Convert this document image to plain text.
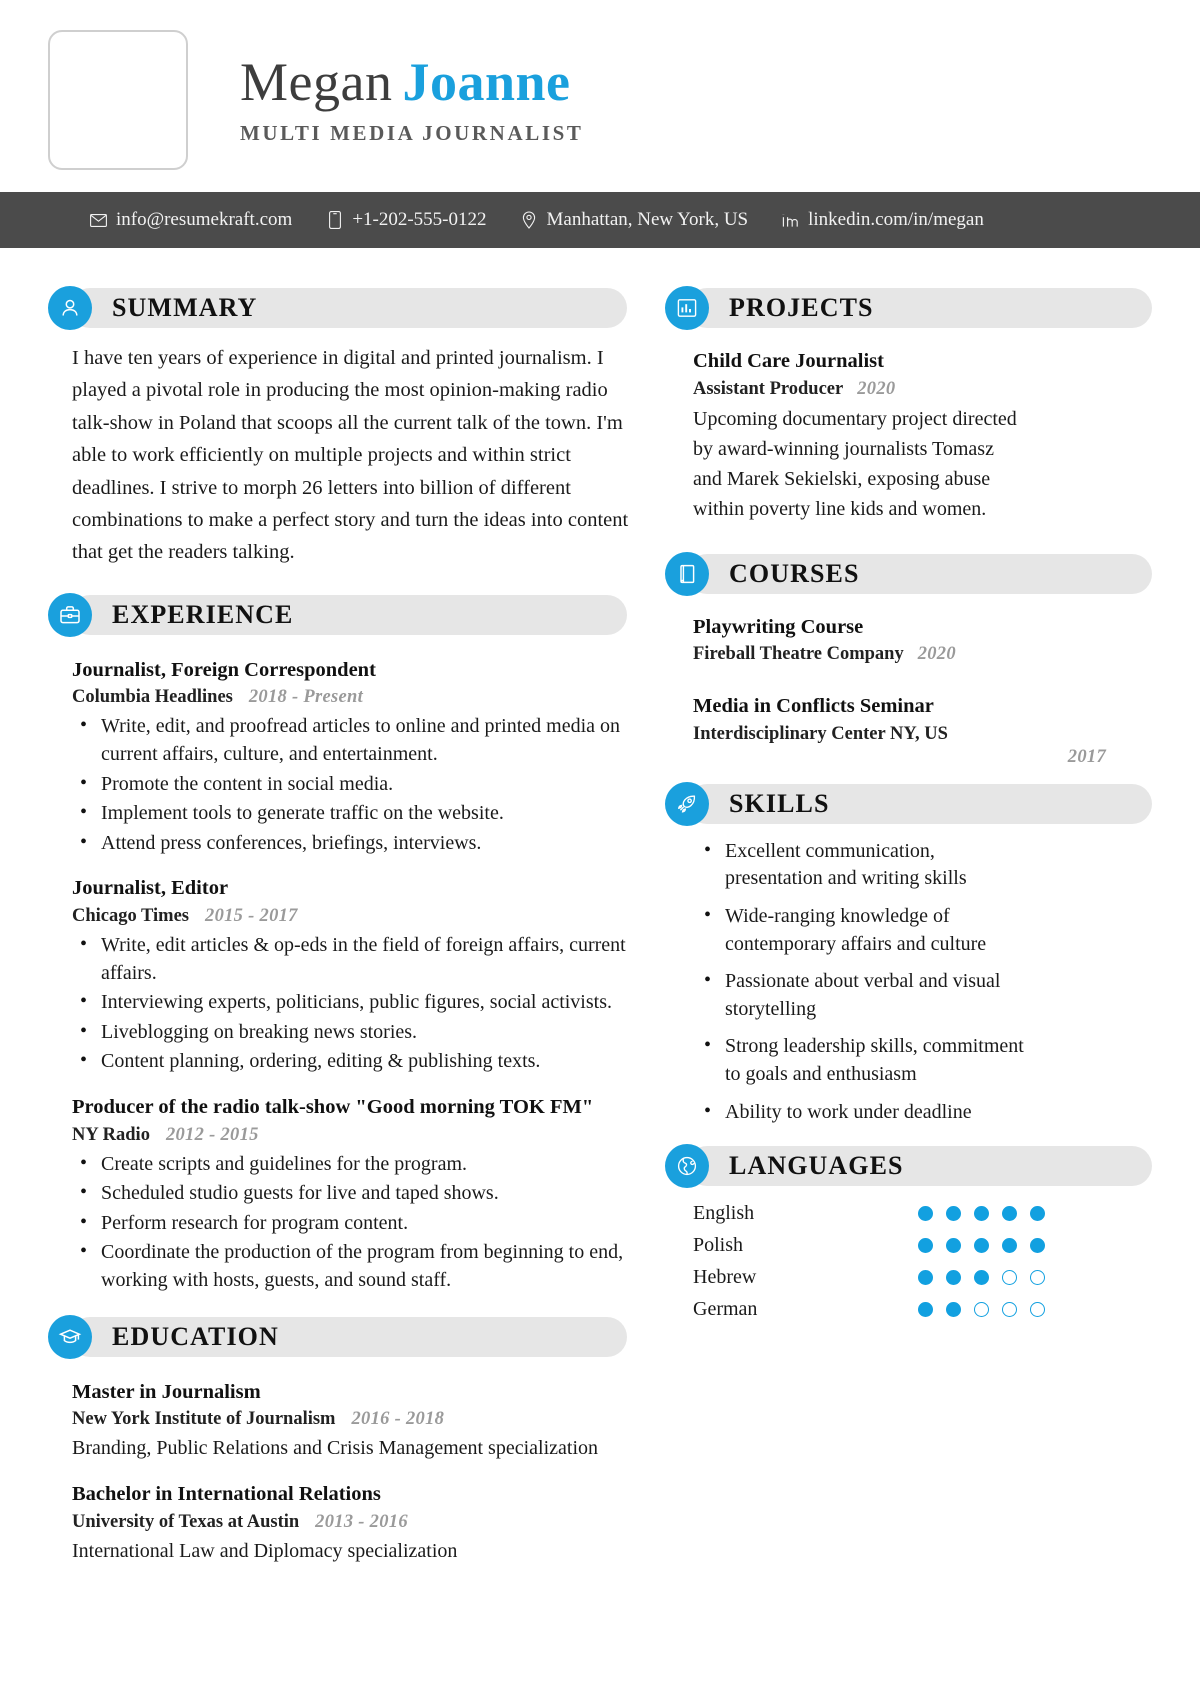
Megan Joanne
MULTI MEDIA JOURNALIST
info@resumekraft.com	+1-202-555-0122	Manhattan, New York, US	linkedin.com/in/megan
SUMMARY
I have ten years of experience in digital and printed journalism. I played a pivotal role in producing the most opinion-making radio talk-show in Poland that scoops all the current talk of the town. I'm able to work efficiently on multiple projects and within strict deadlines. I strive to morph 26 letters into billion of different combinations to make a perfect story and turn the ideas into content that get the readers talking.
EXPERIENCE
Journalist, Foreign Correspondent
Columbia Headlines 2018 - Present
• Write, edit, and proofread articles to online and printed media on current affairs, culture, and entertainment.
• Promote the content in social media.
• Implement tools to generate traffic on the website.
• Attend press conferences, briefings, interviews.
Journalist, Editor
Chicago Times 2015 - 2017
• Write, edit articles & op-eds in the field of foreign affairs, current affairs.
• Interviewing experts, politicians, public figures, social activists.
• Liveblogging on breaking news stories.
• Content planning, ordering, editing & publishing texts.
Producer of the radio talk-show "Good morning TOK FM"
NY Radio 2012 - 2015
• Create scripts and guidelines for the program.
• Scheduled studio guests for live and taped shows.
• Perform research for program content.
• Coordinate the production of the program from beginning to end, working with hosts, guests, and sound staff.
EDUCATION
Master in Journalism
New York Institute of Journalism 2016 - 2018
Branding, Public Relations and Crisis Management specialization
Bachelor in International Relations
University of Texas at Austin 2013 - 2016
International Law and Diplomacy specialization
PROJECTS
Child Care Journalist
Assistant Producer 2020
Upcoming documentary project directed by award-winning journalists Tomasz and Marek Sekielski, exposing abuse within poverty line kids and women.
COURSES
Playwriting Course
Fireball Theatre Company 2020
Media in Conflicts Seminar
Interdisciplinary Center NY, US
2017
SKILLS
• Excellent communication, presentation and writing skills
• Wide-ranging knowledge of contemporary affairs and culture
• Passionate about verbal and visual storytelling
• Strong leadership skills, commitment to goals and enthusiasm
• Ability to work under deadline
LANGUAGES
English
Polish
Hebrew
German
